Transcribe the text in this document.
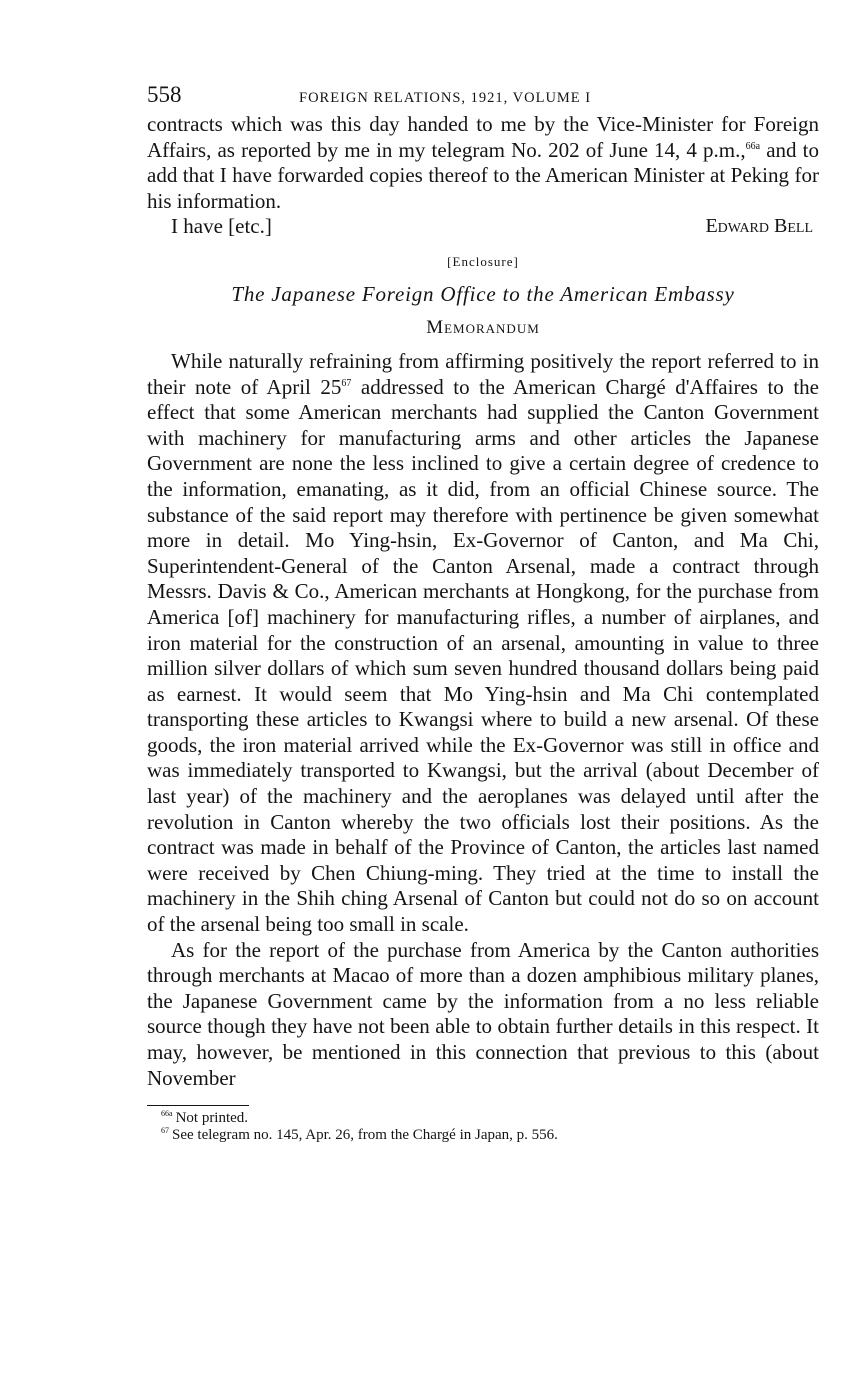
558	FOREIGN RELATIONS, 1921, VOLUME I

contracts which was this day handed to me by the Vice-Minister for Foreign Affairs, as reported by me in my telegram No. 202 of June 14, 4 p.m.,$^{66a}$ and to add that I have forwarded copies thereof to the American Minister at Peking for his information.

I have [etc.]	Edward Bell
[Enclosure]
The Japanese Foreign Office to the American Embassy
Memorandum

While naturally refraining from affirming positively the report referred to in their note of April $25^{67}$ addressed to the American Chargé d'Affaires to the effect that some American merchants had supplied the Canton Government with machinery for manufacturing arms and other articles the Japanese Government are none the less inclined to give a certain degree of credence to the information, emanating, as it did, from an official Chinese source. The substance of the said report may therefore with pertinence be given somewhat more in detail. Mo Ying-hsin, Ex-Governor of Canton, and Ma Chi, Superintendent-General of the Canton Arsenal, made a contract through Messrs. Davis & Co., American merchants at Hongkong, for the purchase from America [of] machinery for manufacturing rifles, a number of airplanes, and iron material for the construction of an arsenal, amounting in value to three million silver dollars of which sum seven hundred thousand dollars being paid as earnest. It would seem that Mo Ying-hsin and Ma Chi contemplated transporting these articles to Kwangsi where to build a new arsenal. Of these goods, the iron material arrived while the Ex-Governor was still in office and was immediately transported to Kwangsi, but the arrival (about December of last year) of the machinery and the aeroplanes was delayed until after the revolution in Canton whereby the two officials lost their positions. As the contract was made in behalf of the Province of Canton, the articles last named were received by Chen Chiung-ming. They tried at the time to install the machinery in the Shih ching Arsenal of Canton but could not do so on account of the arsenal being too small in scale.

As for the report of the purchase from America by the Canton authorities through merchants at Macao of more than a dozen amphibious military planes, the Japanese Government came by the information from a no less reliable source though they have not been able to obtain further details in this respect. It may, however, be mentioned in this connection that previous to this (about November

$^{66a}$ Not printed.
$^{67}$ See telegram no. 145, Apr. 26, from the Chargé in Japan, p. 556.
